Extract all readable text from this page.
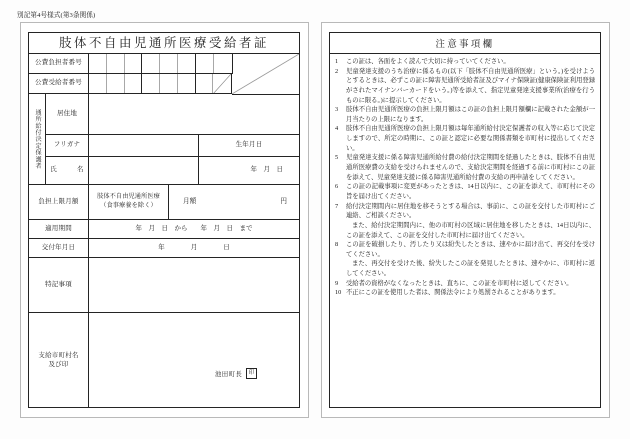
別記第4号様式(第3条関係)
肢体不自由児通所医療受給者証
公費負担者番号
公費受給者番号
通所給付決定保護者	居住地
フリガナ	生年月日
氏　　　名	年　月　日
負担上限月額
肢体不自由児通所医療
（食事療養を除く）
月額	円
適用期間	年　月　日　から　　年　月　日　まで
交付年月日	年　　　　月　　　　日
特記事項
支給市町村名
及び印
池田町長	印
注意事項欄
1	この証は、各面をよく読んで大切に持っていてください。
2	児童発達支援のうち治療に係るもの(以下「肢体不自由児通所医療」という。)を受けようとするときは、必ずこの証に障害児通所受給者証及びマイナ保険証(健康保険証利用登録がされたマイナンバーカードをいう。)等を添えて、指定児童発達支援事業所(治療を行うものに限る。)に提示してください。
3	肢体不自由児通所医療の負担上限月額はこの証の負担上限月額欄に記載された金額が一月当たりの上限になります。
4	肢体不自由児通所医療の負担上限月額は毎年通所給付決定保護者の収入等に応じて決定しますので、所定の時期に、この証と認定に必要な関係書類を市町村に提出してください。
5	児童発達支援に係る障害児通所給付費の給付決定期間を経過したときは、肢体不自由児通所医療費の支給を受けられませんので、支給決定期間を経過する前に市町村にこの証を添えて、児童発達支援に係る障害児通所給付費の支給の再申請をしてください。
6	この証の記載事項に変更があったときは、14日以内に、この証を添えて、市町村にその旨を届け出てください。
7	給付決定期間内に居住地を移そうとする場合は、事前に、この証を交付した市町村にご連絡、ご相談ください。
また、給付決定期間内に、他の市町村の区域に居住地を移したときは、14日以内に、この証を添えて、この証を交付した市町村に届け出てください。
8	この証を破損したり、汚したり又は紛失したときは、速やかに届け出て、再交付を受けてください。
また、再交付を受けた後、紛失したこの証を発見したときは、速やかに、市町村に返してください。
9	受給者の資格がなくなったときは、直ちに、この証を市町村に返してください。
10 不正にこの証を使用した者は、関係法令により処罰されることがあります。
